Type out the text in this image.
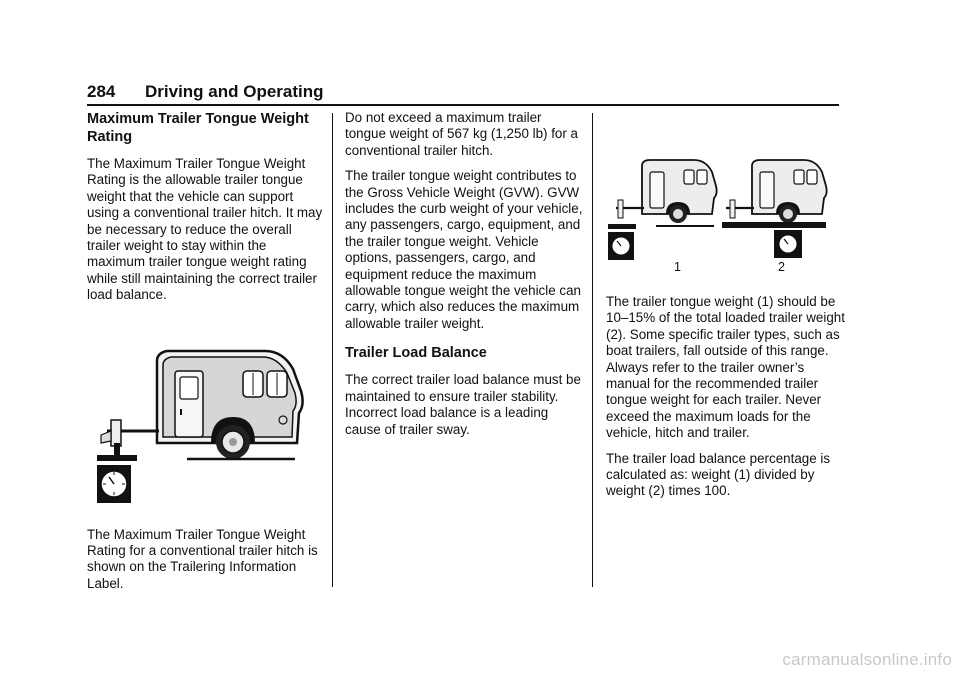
284 Driving and Operating
Maximum Trailer Tongue Weight Rating

The Maximum Trailer Tongue Weight Rating is the allowable trailer tongue weight that the vehicle can support using a conventional trailer hitch. It may be necessary to reduce the overall trailer weight to stay within the maximum trailer tongue weight rating while still maintaining the correct trailer load balance.

The Maximum Trailer Tongue Weight Rating for a conventional trailer hitch is shown on the Trailering Information Label.

Do not exceed a maximum trailer tongue weight of 567 kg (1,250 lb) for a conventional trailer hitch.

The trailer tongue weight contributes to the Gross Vehicle Weight (GVW). GVW includes the curb weight of your vehicle, any passengers, cargo, equipment, and the trailer tongue weight. Vehicle options, passengers, cargo, and equipment reduce the maximum allowable tongue weight the vehicle can carry, which also reduces the maximum allowable trailer weight.

Trailer Load Balance

The correct trailer load balance must be maintained to ensure trailer stability. Incorrect load balance is a leading cause of trailer sway.

1	2

The trailer tongue weight (1) should be 10–15% of the total loaded trailer weight (2). Some specific trailer types, such as boat trailers, fall outside of this range. Always refer to the trailer owner’s manual for the recommended trailer tongue weight for each trailer. Never exceed the maximum loads for the vehicle, hitch and trailer.

The trailer load balance percentage is calculated as: weight (1) divided by weight (2) times 100.

carmanualsonline.info
